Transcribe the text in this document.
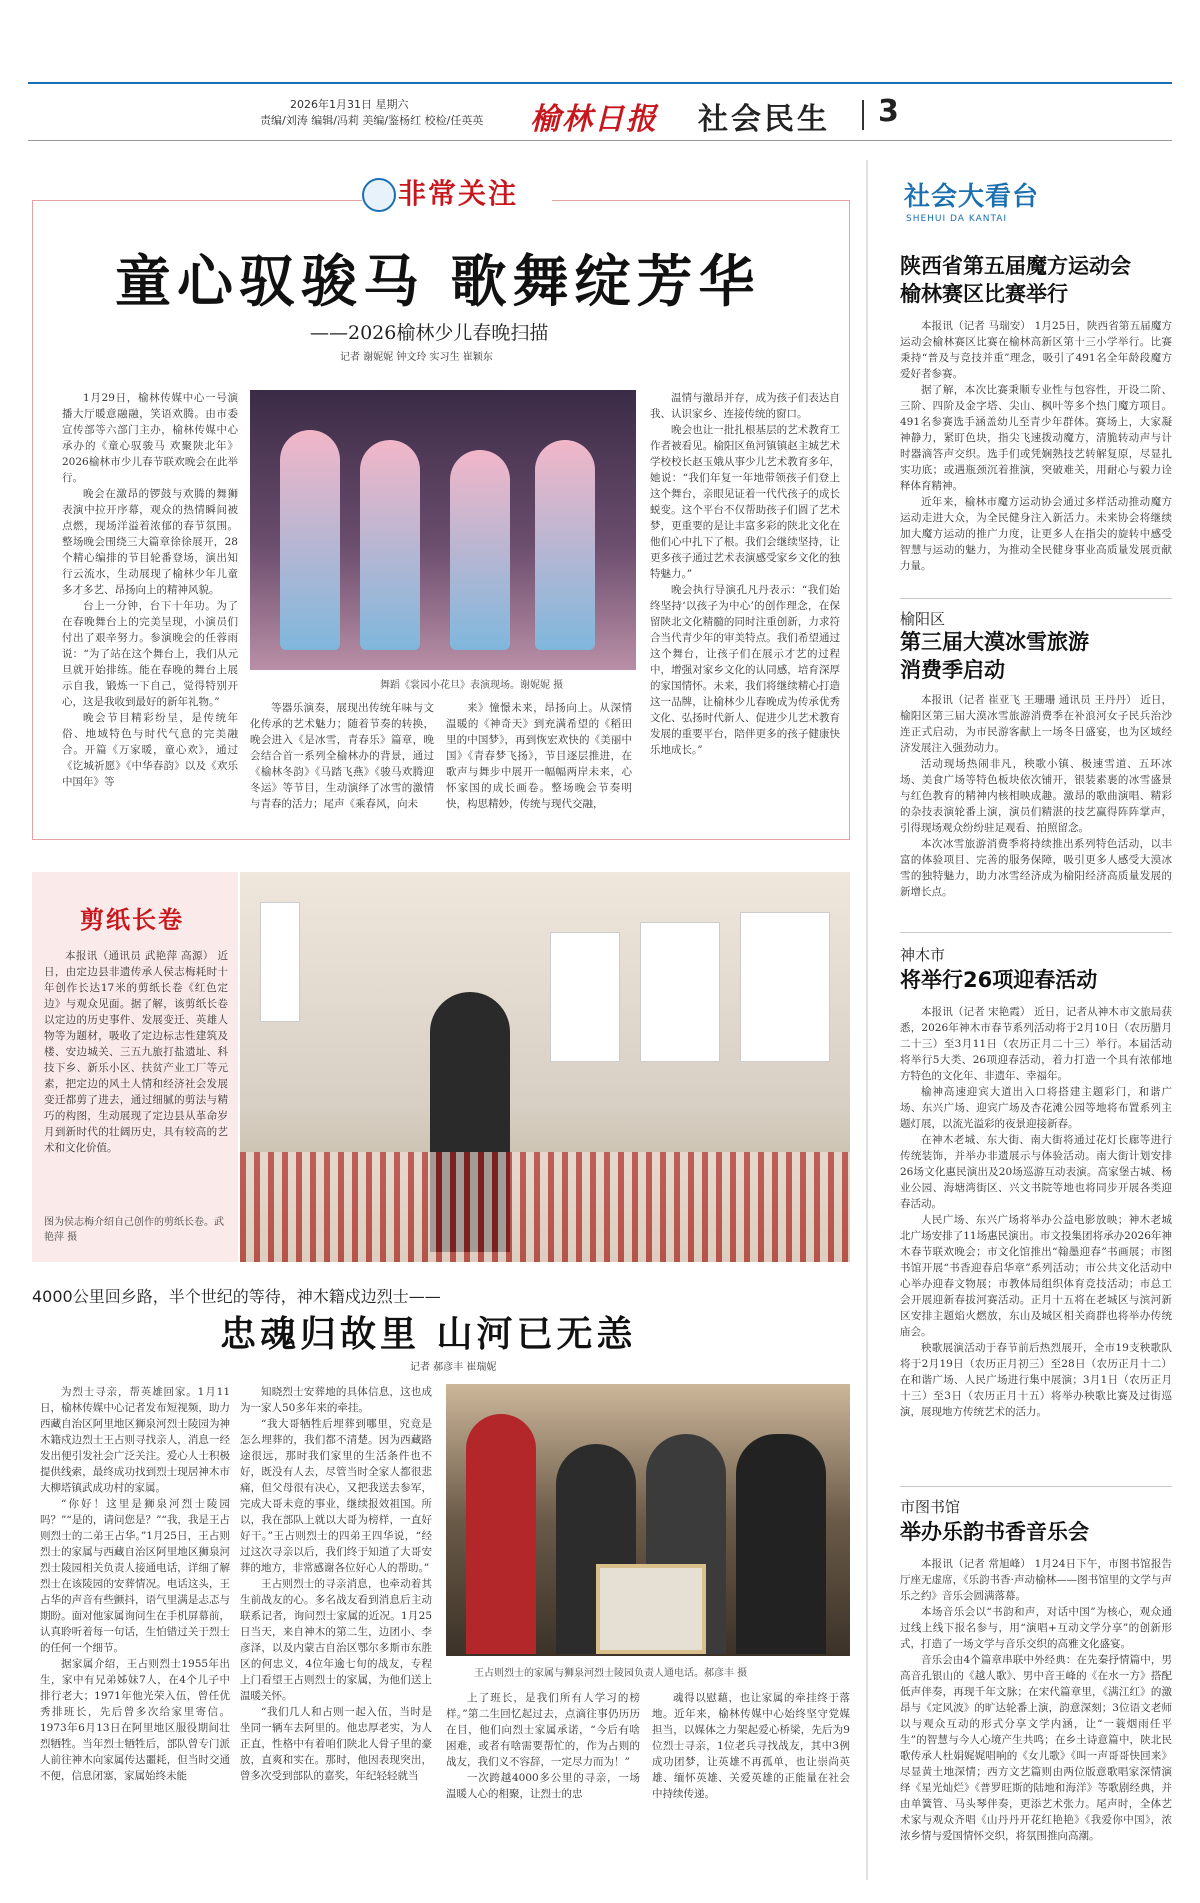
2026年1月31日 星期六
责编/刘涛 编辑/冯莉 美编/鉴杨红 校检/任英英 榆林日报 社会民生 3
非常关注
童心驭骏马 歌舞绽芳华
——2026榆林少儿春晚扫描
记者 谢妮妮 钟文玲 实习生 崔颖东

1月29日，榆林传媒中心一号演播大厅暖意融融，笑语欢腾。由市委宣传部等六部门主办，榆林传媒中心承办的《童心驭骏马 欢聚陕北年》2026榆林市少儿春节联欢晚会在此举行。

晚会在激昂的锣鼓与欢腾的舞狮表演中拉开序幕，观众的热情瞬间被点燃，现场洋溢着浓郁的春节氛围。整场晚会围绕三大篇章徐徐展开，28个精心编排的节目轮番登场，演出知行云流水，生动展现了榆林少年儿童多才多艺、昂扬向上的精神风貌。

台上一分钟，台下十年功。为了在春晚舞台上的完美呈现，小演员们付出了艰辛努力。参演晚会的任蓉雨说：“为了站在这个舞台上，我们从元旦就开始排练。能在春晚的舞台上展示自我，锻炼一下自己，觉得特别开心，这是我收到最好的新年礼物。”

晚会节目精彩纷呈，是传统年俗、地域特色与时代气息的完美融合。开篇《万家暖，童心欢》，通过《讫城祈愿》《中华春韵》以及《欢乐中国年》等

舞蹈《裳园小花旦》表演现场。谢妮妮 摄

等器乐演奏，展现出传统年味与文化传承的艺术魅力；随着节奏的转换，晚会进入《是冰雪，青春乐》篇章，晚会结合首一系列全榆林办的背景，通过《榆林冬韵》《马踏飞燕》《骏马欢腾迎冬运》等节目，生动演绎了冰雪的激情与青春的活力；尾声《乘春风，向未

来》憧憬未来，昂扬向上。从深情温暖的《神奇天》到充满希望的《稻田里的中国梦》，再到恢宏欢快的《美丽中国》《青春梦飞扬》，节目逐层推进，在歌声与舞步中展开一幅幅两岸未来，心怀家国的成长画卷。整场晚会节奏明快，构思精妙，传统与现代交融，

温情与激昂并存，成为孩子们表达自我、认识家乡、连接传统的窗口。

晚会也让一批扎根基层的艺术教育工作者被看见。榆阳区鱼河镇镇赵主城艺术学校校长赵玉娥从事少儿艺术教育多年，她说：“我们年复一年地带领孩子们登上这个舞台，亲眼见证着一代代孩子的成长蜕变。这个平台不仅帮助孩子们圆了艺术梦，更重要的是让丰富多彩的陕北文化在他们心中扎下了根。我们会继续坚持，让更多孩子通过艺术表演感受家乡文化的独特魅力。”

晚会执行导演孔凡丹表示：“我们始终坚持‘以孩子为中心’的创作理念，在保留陕北文化精髓的同时注重创新，力求符合当代青少年的审美特点。我们希望通过这个舞台，让孩子们在展示才艺的过程中，增强对家乡文化的认同感，培育深厚的家国情怀。未来，我们将继续精心打造这一品牌，让榆林少儿春晚成为传承优秀文化、弘扬时代新人、促进少儿艺术教育发展的重要平台，陪伴更多的孩子健康快乐地成长。”

剪纸长卷

本报讯（通讯员 武艳萍 高源） 近日，由定边县非遗传承人侯志梅耗时十年创作长达17米的剪纸长卷《红色定边》与观众见面。据了解，该剪纸长卷以定边的历史事件、发展变迁、英雄人物等为题材，吸收了定边标志性建筑及楼、安边城关、三五九旅打盐遗址、科技下乡、新乐小区、扶贫产业工厂等元素，把定边的风土人情和经济社会发展变迁都剪了进去，通过细腻的剪法与精巧的构图，生动展现了定边县从革命岁月到新时代的壮阔历史，具有较高的艺术和文化价值。

图为侯志梅介绍自己创作的剪纸长卷。武艳萍 摄
4000公里回乡路，半个世纪的等待，神木籍戍边烈士——
忠魂归故里 山河已无恙
记者 郝彦丰 崔瑞妮

为烈士寻亲，帮英雄回家。1月11日，榆林传媒中心记者发布短视频，助力西藏自治区阿里地区狮泉河烈士陵园为神木籍戍边烈士王占则寻找亲人，消息一经发出便引发社会广泛关注。爱心人士积极提供线索，最终成功找到烈士现居神木市大柳塔镇武成功村的家属。

“你好！这里是狮泉河烈士陵园吗？”“是的，请问您是？”“我，我是王占则烈士的二弟王占华。”1月25日，王占则烈士的家属与西藏自治区阿里地区狮泉河烈士陵园相关负责人接通电话，详细了解烈士在该陵园的安葬情况。电话这头，王占华的声音有些颤抖，语气里满是忐忑与期盼。面对他家属询问生在手机屏幕前，认真聆听着每一句话，生怕错过关于烈士的任何一个细节。

据家属介绍，王占则烈士1955年出生，家中有兄弟姊妹7人，在4个儿子中排行老大；1971年他光荣入伍，曾任优秀排班长，先后曾多次给家里寄信。1973年6月13日在阿里地区服役期间壮烈牺牲。当年烈士牺牲后，部队曾专门派人前往神木向家属传达噩耗，但当时交通不便，信息闭塞，家属始终未能

知晓烈士安葬地的具体信息，这也成为一家人50多年来的牵挂。

“我大哥牺牲后埋葬到哪里，究竟是怎么埋葬的，我们都不清楚。因为西藏路途很远，那时我们家里的生活条件也不好，既没有人去，尽管当时全家人都很悲痛，但父母很有决心，又把我送去参军，完成大哥未竟的事业，继续报效祖国。所以，我在部队上就以大哥为榜样，一直好好干。”王占则烈士的四弟王四华说，“经过这次寻亲以后，我们终于知道了大哥安葬的地方，非常感谢各位好心人的帮助。”

王占则烈士的寻亲消息，也牵动着其生前战友的心。多名战友看到消息后主动联系记者，询问烈士家属的近况。1月25日当天，来自神木的第二生，边团小、李彦泽，以及内蒙古自治区鄂尔多斯市东胜区的何忠义，4位年逾七旬的战友，专程上门看望王占则烈士的家属，为他们送上温暖关怀。

“我们几人和占则一起入伍，当时是坐同一辆车去阿里的。他忠厚老实，为人正直，性格中有着咱们陕北人骨子里的豪放，直爽和实在。那时，他因表现突出，曾多次受到部队的嘉奖，年纪轻轻就当

王占则烈士的家属与狮泉河烈士陵园负责人通电话。郝彦丰 摄

上了班长，是我们所有人学习的榜样。”第二生回忆起过去，点滴往事仍历历在目，他们向烈士家属承诺，“今后有啥困难，或者有啥需要帮忙的，作为占则的战友，我们义不容辞，一定尽力而为！”

一次跨越4000多公里的寻亲，一场温暖人心的相聚，让烈士的忠

魂得以慰藉，也让家属的牵挂终于落地。近年来，榆林传媒中心始终坚守党媒担当，以媒体之力架起爱心桥梁，先后为9位烈士寻亲，1位老兵寻找战友，其中3例成功团梦，让英雄不再孤单，也让崇尚英雄、缅怀英雄、关爱英雄的正能量在社会中持续传递。

社会大看台
SHEHUI DA KANTAI
陕西省第五届魔方运动会
榆林赛区比赛举行

本报讯（记者 马瑞安） 1月25日，陕西省第五届魔方运动会榆林赛区比赛在榆林高新区第十三小学举行。比赛秉持“普及与竞技并重”理念，吸引了491名全年龄段魔方爱好者参赛。

据了解，本次比赛秉顺专业性与包容性，开设二阶、三阶、四阶及金字塔、尖山、枫叶等多个热门魔方项目。491名参赛选手涵盖幼儿至青少年群体。赛场上，大家凝神静力，紧盯色块，指尖飞速拨动魔方，清脆转动声与计时器滴答声交织。选手们或凭娴熟技艺转解复原，尽显扎实功底；或遇瓶颈沉着推演，突破难关，用耐心与毅力诠释体育精神。

近年来，榆林市魔方运动协会通过多样活动推动魔方运动走进大众，为全民健身注入新活力。未来协会将继续加大魔方运动的推广力度，让更多人在指尖的旋转中感受智慧与运动的魅力，为推动全民健身事业高质量发展贡献力量。

榆阳区
第三届大漠冰雪旅游
消费季启动

本报讯（记者 崔亚飞 王珊珊 通讯员 王丹丹） 近日，榆阳区第三届大漠冰雪旅游消费季在补浪河女子民兵治沙连正式启动，为市民游客献上一场冬日盛宴，也为区域经济发展注入强劲动力。

活动现场热闹非凡，秧歌小镇、极速雪道、五环冰场、美食广场等特色板块依次铺开，银装素裹的冰雪盛景与红色教育的精神内核相映成趣。激昂的歌曲演唱、精彩的杂技表演轮番上演，演员们精湛的技艺赢得阵阵掌声，引得现场观众纷纷驻足观看、拍照留念。

本次冰雪旅游消费季将持续推出系列特色活动，以丰富的体验项目、完善的服务保障，吸引更多人感受大漠冰雪的独特魅力，助力冰雪经济成为榆阳经济高质量发展的新增长点。

神木市
将举行26项迎春活动

本报讯（记者 宋艳霞） 近日，记者从神木市文旅局获悉，2026年神木市春节系列活动将于2月10日（农历腊月二十三）至3月11日（农历正月二十三）举行。本届活动将举行5大类、26项迎春活动，着力打造一个具有浓郁地方特色的文化年、非遗年、幸福年。

榆神高速迎宾大道出入口将搭建主题彩门，和谐广场、东兴广场、迎宾广场及杏花滩公园等地将布置系列主题灯展，以流光溢彩的夜景迎接新春。

在神木老城、东大街、南大街将通过花灯长廊等进行传统装饰，并举办非遗展示与体验活动。南大街计划安排26场文化惠民演出及20场巡游互动表演。高家堡古城、杨业公园、海塘湾街区、兴文书院等地也将同步开展各类迎春活动。

人民广场、东兴广场将举办公益电影放映；神木老城北广场安排了11场惠民演出。市文投集团将承办2026年神木春节联欢晚会；市文化馆推出“翰墨迎春”书画展；市图书馆开展“书香迎春启华章”系列活动；市公共文化活动中心举办迎春文物展；市教体局组织体育竞技活动；市总工会开展迎新春拔河赛活动。正月十五将在老城区与滨河新区安排主题焰火燃放，东山及城区相关商群也将举办传统庙会。

秧歌展演活动于春节前后热烈展开，全市19支秧歌队将于2月19日（农历正月初三）至28日（农历正月十二）在和谐广场、人民广场进行集中展演；3月1日（农历正月十三）至3日（农历正月十五）将举办秧歌比赛及过街巡演，展现地方传统艺术的活力。

市图书馆
举办乐韵书香音乐会

本报讯（记者 常旭峰） 1月24日下午，市图书馆报告厅座无虚席，《乐韵书香·声动榆林——图书馆里的文学与声乐之约》音乐会圆满落幕。

本场音乐会以“书韵和声，对话中国”为核心，观众通过线上线下报名参与，用“演唱+互动文学分享”的创新形式，打造了一场文学与音乐交织的高雅文化盛宴。

音乐会由4个篇章串联中外经典：在先秦抒情篇中，男高音孔银山的《越人歌》、男中音王峰的《在水一方》搭配低声伴奏，再现千年文脉；在宋代篇章里，《满江红》的激昂与《定风波》的旷达轮番上演，韵意深刻；3位语文老师以与观众互动的形式分享文学内涵，让“一蓑烟雨任平生”的智慧与今人心境产生共鸣；在乡土诗意篇中，陕北民歌传承人杜娟娓娓唱响的《女儿歌》《叫一声哥哥快回来》尽显黄土地深情；西方文艺篇则由两位版意歌唱家深情演绎《星光灿烂》《普罗旺斯的陆地和海洋》等歌剧经典，并由单簧管、马头琴伴奏，更添艺术张力。尾声时，全体艺术家与观众齐唱《山丹丹开花红艳艳》《我爱你中国》，浓浓乡情与爱国情怀交织，将氛围推向高潮。
